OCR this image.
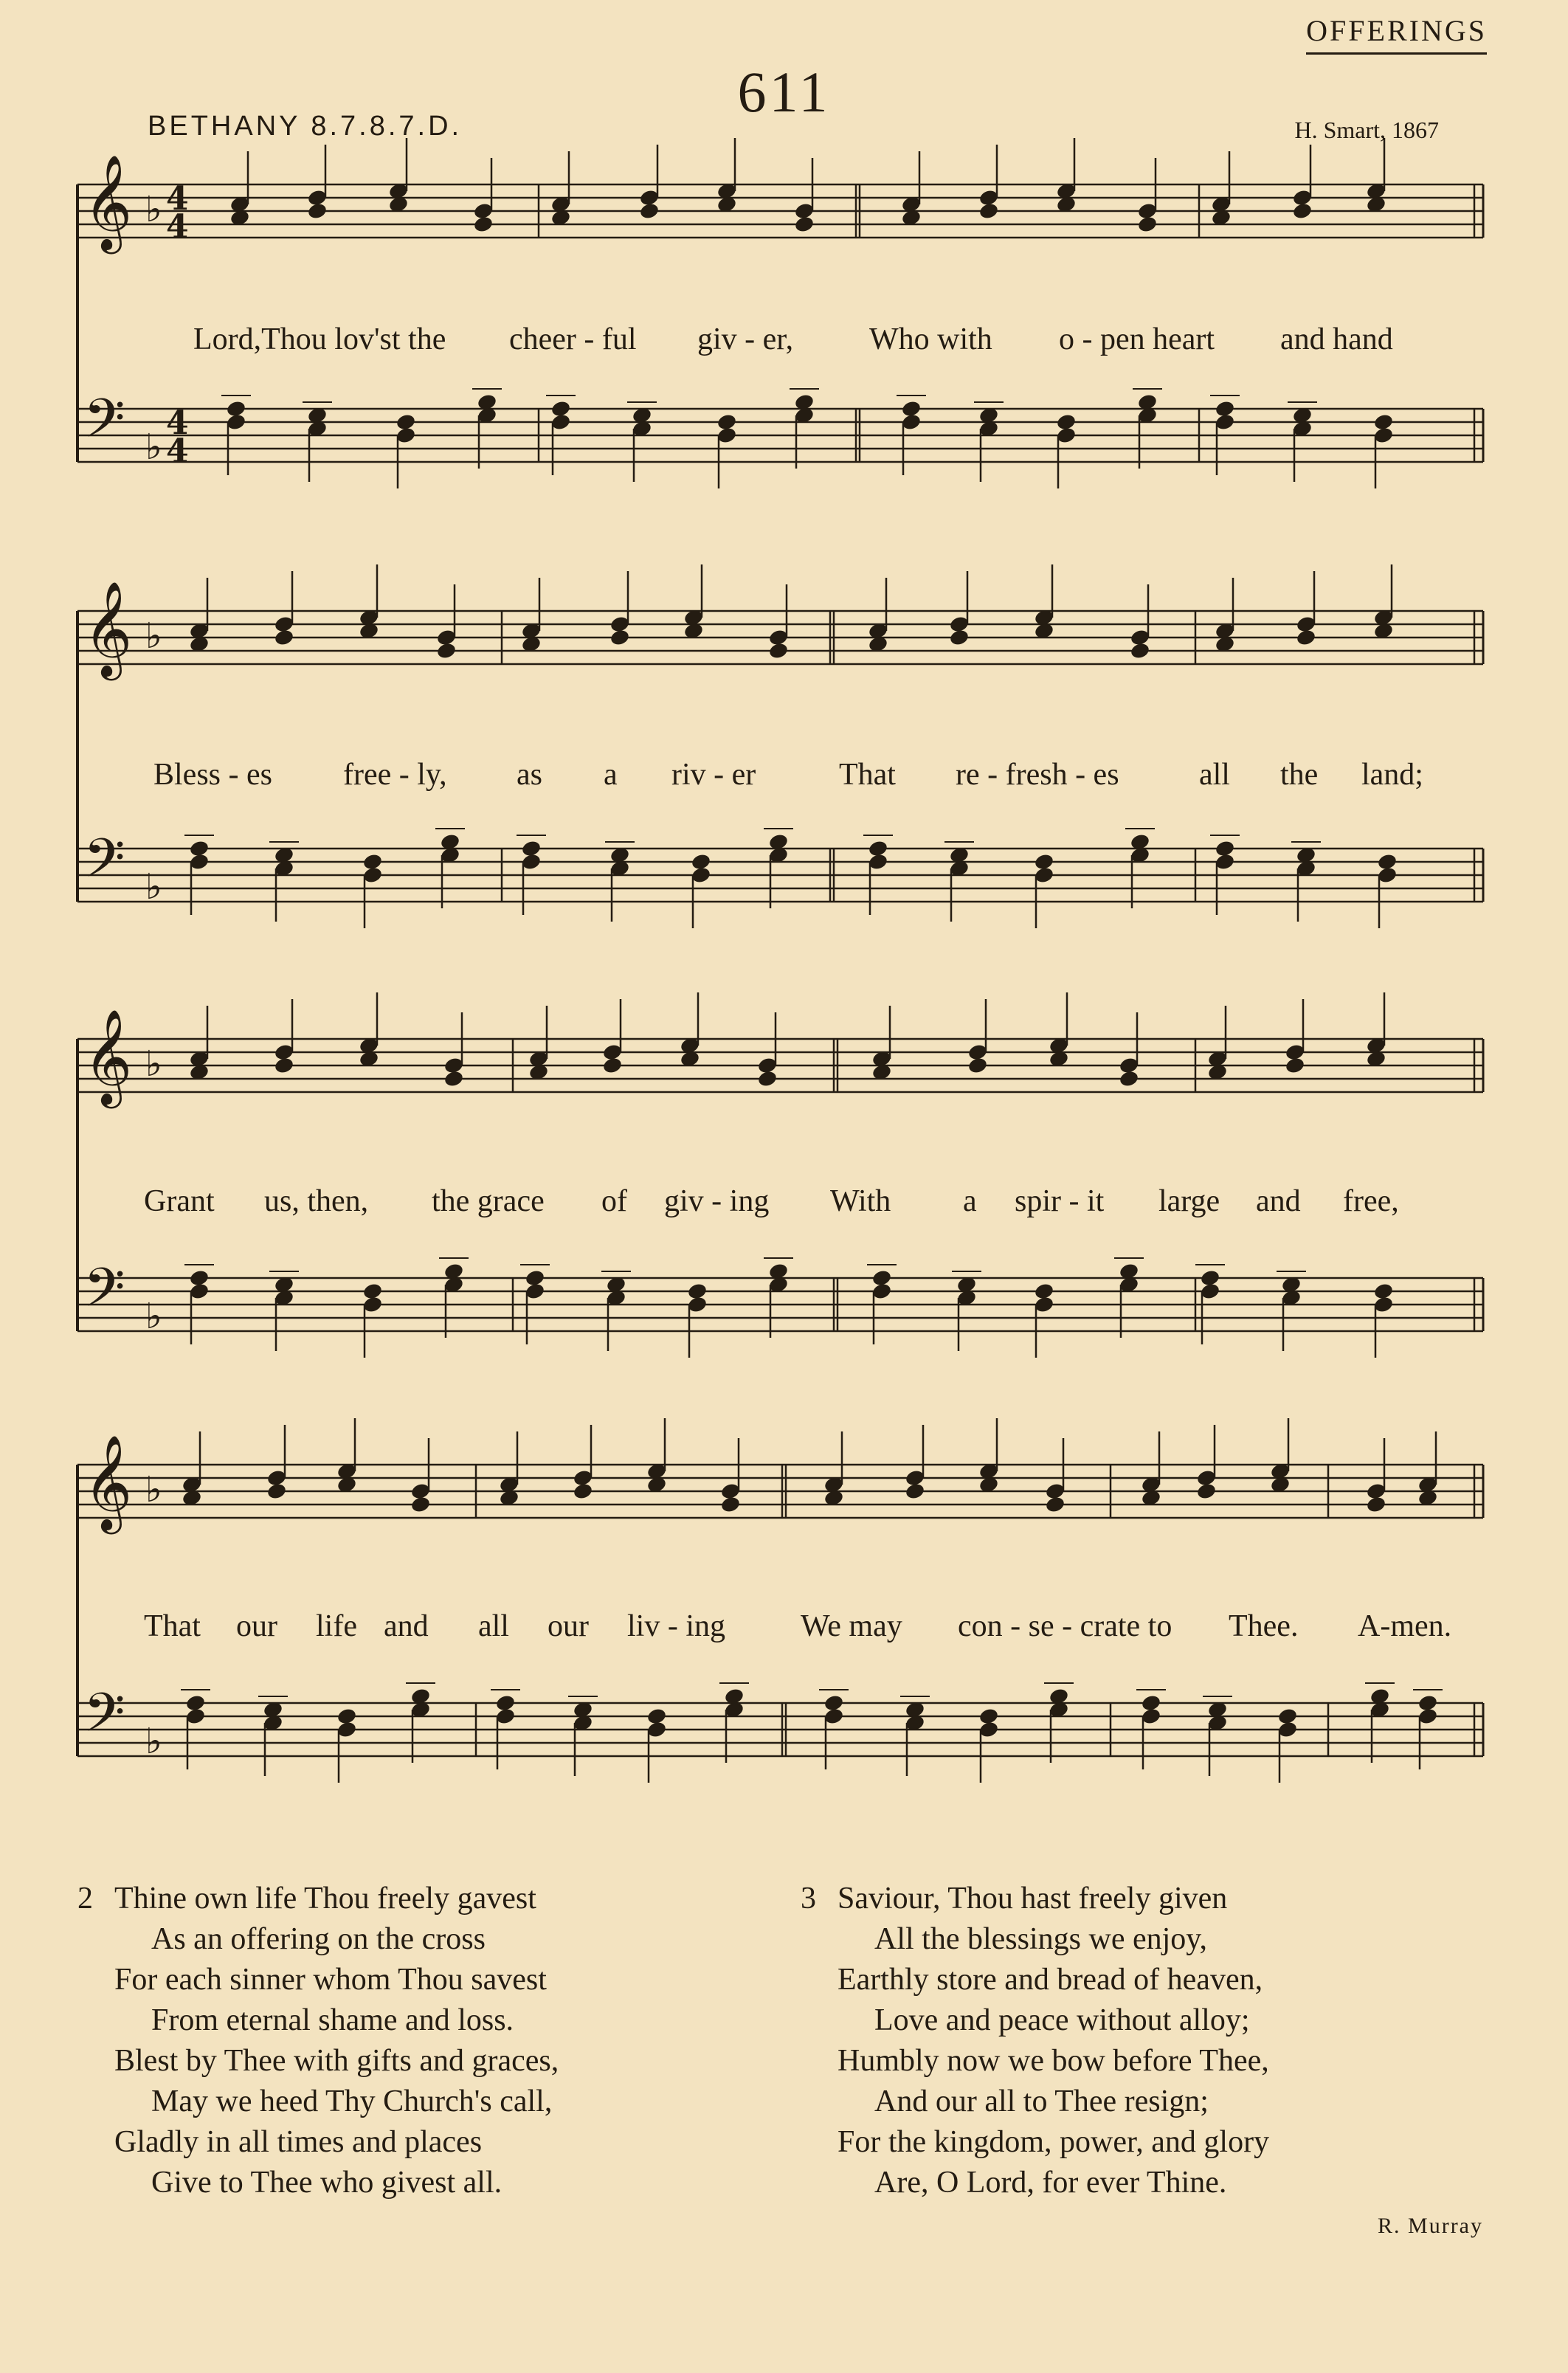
OFFERINGS
611
BETHANY 8.7.8.7.D.	H. Smart, 1867
𝄞
𝄢
♭
♭
4
4
4
4
𝄞
𝄢
♭
♭
𝄞
𝄢
♭
♭
𝄞
𝄢
♭
♭
Lord,Thou lov'st the cheer - ful giv - er, Who with o - pen heart and hand
Bless - es free - ly, as a riv - er	That re - fresh - es	all the land;
Grant us, then, the grace of giv - ing With a spir - it large and free,
That our life and all our liv - ing We may con - se - crate to Thee. A-men.
2 Thine own life Thou freely gavest
As an offering on the cross
For each sinner whom Thou savest
From eternal shame and loss.
Blest by Thee with gifts and graces,
May we heed Thy Church's call,
Gladly in all times and places
Give to Thee who givest all.
3 Saviour, Thou hast freely given
All the blessings we enjoy,
Earthly store and bread of heaven,
Love and peace without alloy;
Humbly now we bow before Thee,
And our all to Thee resign;
For the kingdom, power, and glory
Are, O Lord, for ever Thine.
R. Murray
